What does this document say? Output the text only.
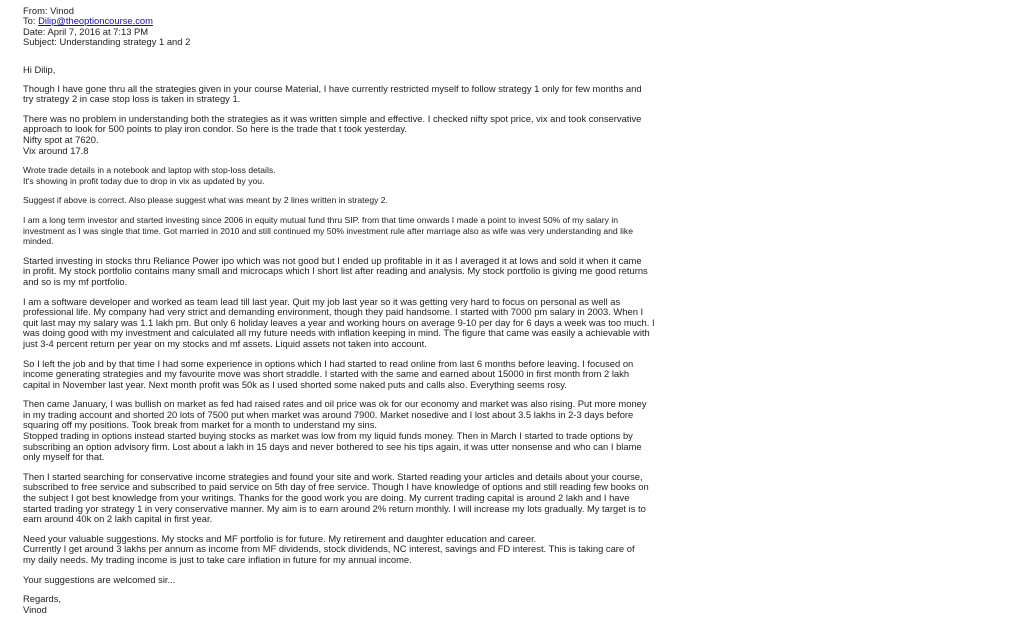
From: Vinod
To: Dilip@theoptioncourse.com
Date: April 7, 2016 at 7:13 PM
Subject: Understanding strategy 1 and 2
Hi Dilip,
Though I have gone thru all the strategies given in your course Material, I have currently restricted myself to follow strategy 1 only for few months and
try strategy 2 in case stop loss is taken in strategy 1.
There was no problem in understanding both the strategies as it was written simple and effective. I checked nifty spot price, vix and took conservative
approach to look for 500 points to play iron condor. So here is the trade that t took yesterday.
Nifty spot at 7620.
Vix around 17.8
Wrote trade details in a notebook and laptop with stop-loss details.
It's showing in profit today due to drop in vix as updated by you.
Suggest if above is correct. Also please suggest what was meant by 2 lines written in strategy 2.
I am a long term investor and started investing since 2006 in equity mutual fund thru SIP. from that time onwards I made a point to invest 50% of my salary in
investment as I was single that time. Got married in 2010 and still continued my 50% investment rule after marriage also as wife was very understanding and like
minded.
Started investing in stocks thru Reliance Power ipo which was not good but I ended up profitable in it as I averaged it at lows and sold it when it came
in profit. My stock portfolio contains many small and microcaps which I short list after reading and analysis. My stock portfolio is giving me good returns
and so is my mf portfolio.
I am a software developer and worked as team lead till last year. Quit my job last year so it was getting very hard to focus on personal as well as
professional life. My company had very strict and demanding environment, though they paid handsome. I started with 7000 pm salary in 2003. When I
quit last may my salary was 1.1 lakh pm. But only 6 holiday leaves a year and working hours on average 9-10 per day for 6 days a week was too much. I
was doing good with my investment and calculated all my future needs with inflation keeping in mind. The figure that came was easily a achievable with
just 3-4 percent return per year on my stocks and mf assets. Liquid assets not taken into account.
So I left the job and by that time I had some experience in options which I had started to read online from last 6 months before leaving. I focused on
income generating strategies and my favourite move was short straddle. I started with the same and earned about 15000 in first month from 2 lakh
capital in November last year. Next month profit was 50k as I used shorted some naked puts and calls also. Everything seems rosy.
Then came January, I was bullish on market as fed had raised rates and oil price was ok for our economy and market was also rising. Put more money
in my trading account and shorted 20 lots of 7500 put when market was around 7900. Market nosedive and I lost about 3.5 lakhs in 2-3 days before
squaring off my positions. Took break from market for a month to understand my sins.
Stopped trading in options instead started buying stocks as market was low from my liquid funds money. Then in March I started to trade options by
subscribing an option advisory firm. Lost about a lakh in 15 days and never bothered to see his tips again, it was utter nonsense and who can I blame
only myself for that.
Then I started searching for conservative income strategies and found your site and work. Started reading your articles and details about your course,
subscribed to free service and subscribed to paid service on 5th day of free service. Though I have knowledge of options and still reading few books on
the subject I got best knowledge from your writings. Thanks for the good work you are doing. My current trading capital is around 2 lakh and I have
started trading yor strategy 1 in very conservative manner. My aim is to earn around 2% return monthly. I will increase my lots gradually. My target is to
earn around 40k on 2 lakh capital in first year.
Need your valuable suggestions. My stocks and MF portfolio is for future. My retirement and daughter education and career.
Currently I get around 3 lakhs per annum as income from MF dividends, stock dividends, NC interest, savings and FD interest. This is taking care of
my daily needs. My trading income is just to take care inflation in future for my annual income.
Your suggestions are welcomed sir...
Regards,
Vinod
